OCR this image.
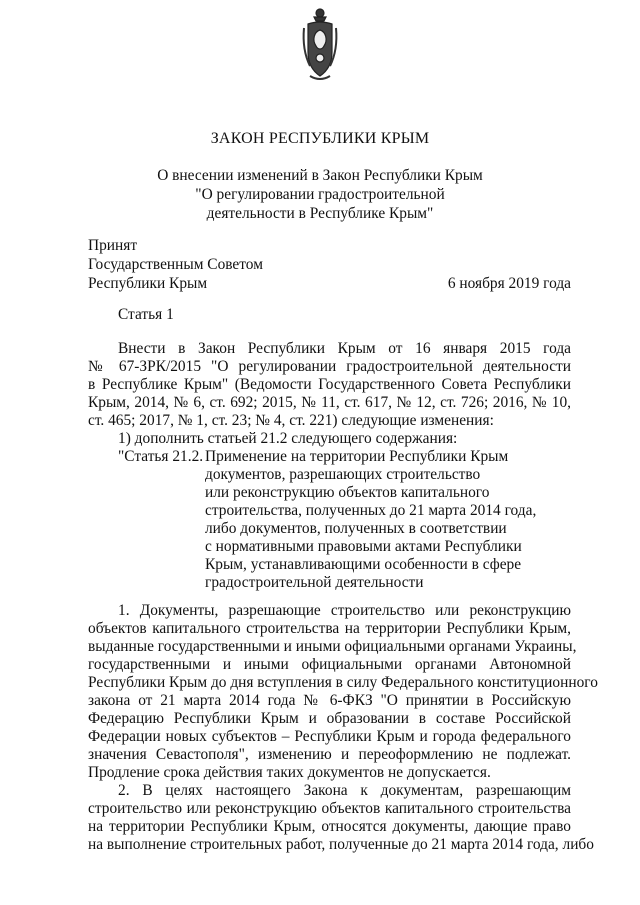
ЗАКОН РЕСПУБЛИКИ КРЫМ
О внесении изменений в Закон Республики Крым
"О регулировании градостроительной
деятельности в Республике Крым"
Принят
Государственным Советом
Республики Крым	6 ноября 2019 года
Статья 1
Внести в Закон Республики Крым от 16 января 2015 года
№ 67-ЗРК/2015 "О регулировании градостроительной деятельности
в Республике Крым" (Ведомости Государственного Совета Республики
Крым, 2014, № 6, ст. 692; 2015, № 11, ст. 617, № 12, ст. 726; 2016, № 10,
ст. 465; 2017, № 1, ст. 23; № 4, ст. 221) следующие изменения:
1) дополнить статьей 21.2 следующего содержания:
"Статья 21.2. Применение на территории Республики Крым
документов, разрешающих строительство
или реконструкцию объектов капитального
строительства, полученных до 21 марта 2014 года,
либо документов, полученных в соответствии
с нормативными правовыми актами Республики
Крым, устанавливающими особенности в сфере
градостроительной деятельности
1. Документы, разрешающие строительство или реконструкцию
объектов капитального строительства на территории Республики Крым,
выданные государственными и иными официальными органами Украины,
государственными и иными официальными органами Автономной
Республики Крым до дня вступления в силу Федерального конституционного
закона от 21 марта 2014 года № 6-ФКЗ "О принятии в Российскую
Федерацию Республики Крым и образовании в составе Российской
Федерации новых субъектов – Республики Крым и города федерального
значения Севастополя", изменению и переоформлению не подлежат.
Продление срока действия таких документов не допускается.
2. В целях настоящего Закона к документам, разрешающим
строительство или реконструкцию объектов капитального строительства
на территории Республики Крым, относятся документы, дающие право
на выполнение строительных работ, полученные до 21 марта 2014 года, либо
